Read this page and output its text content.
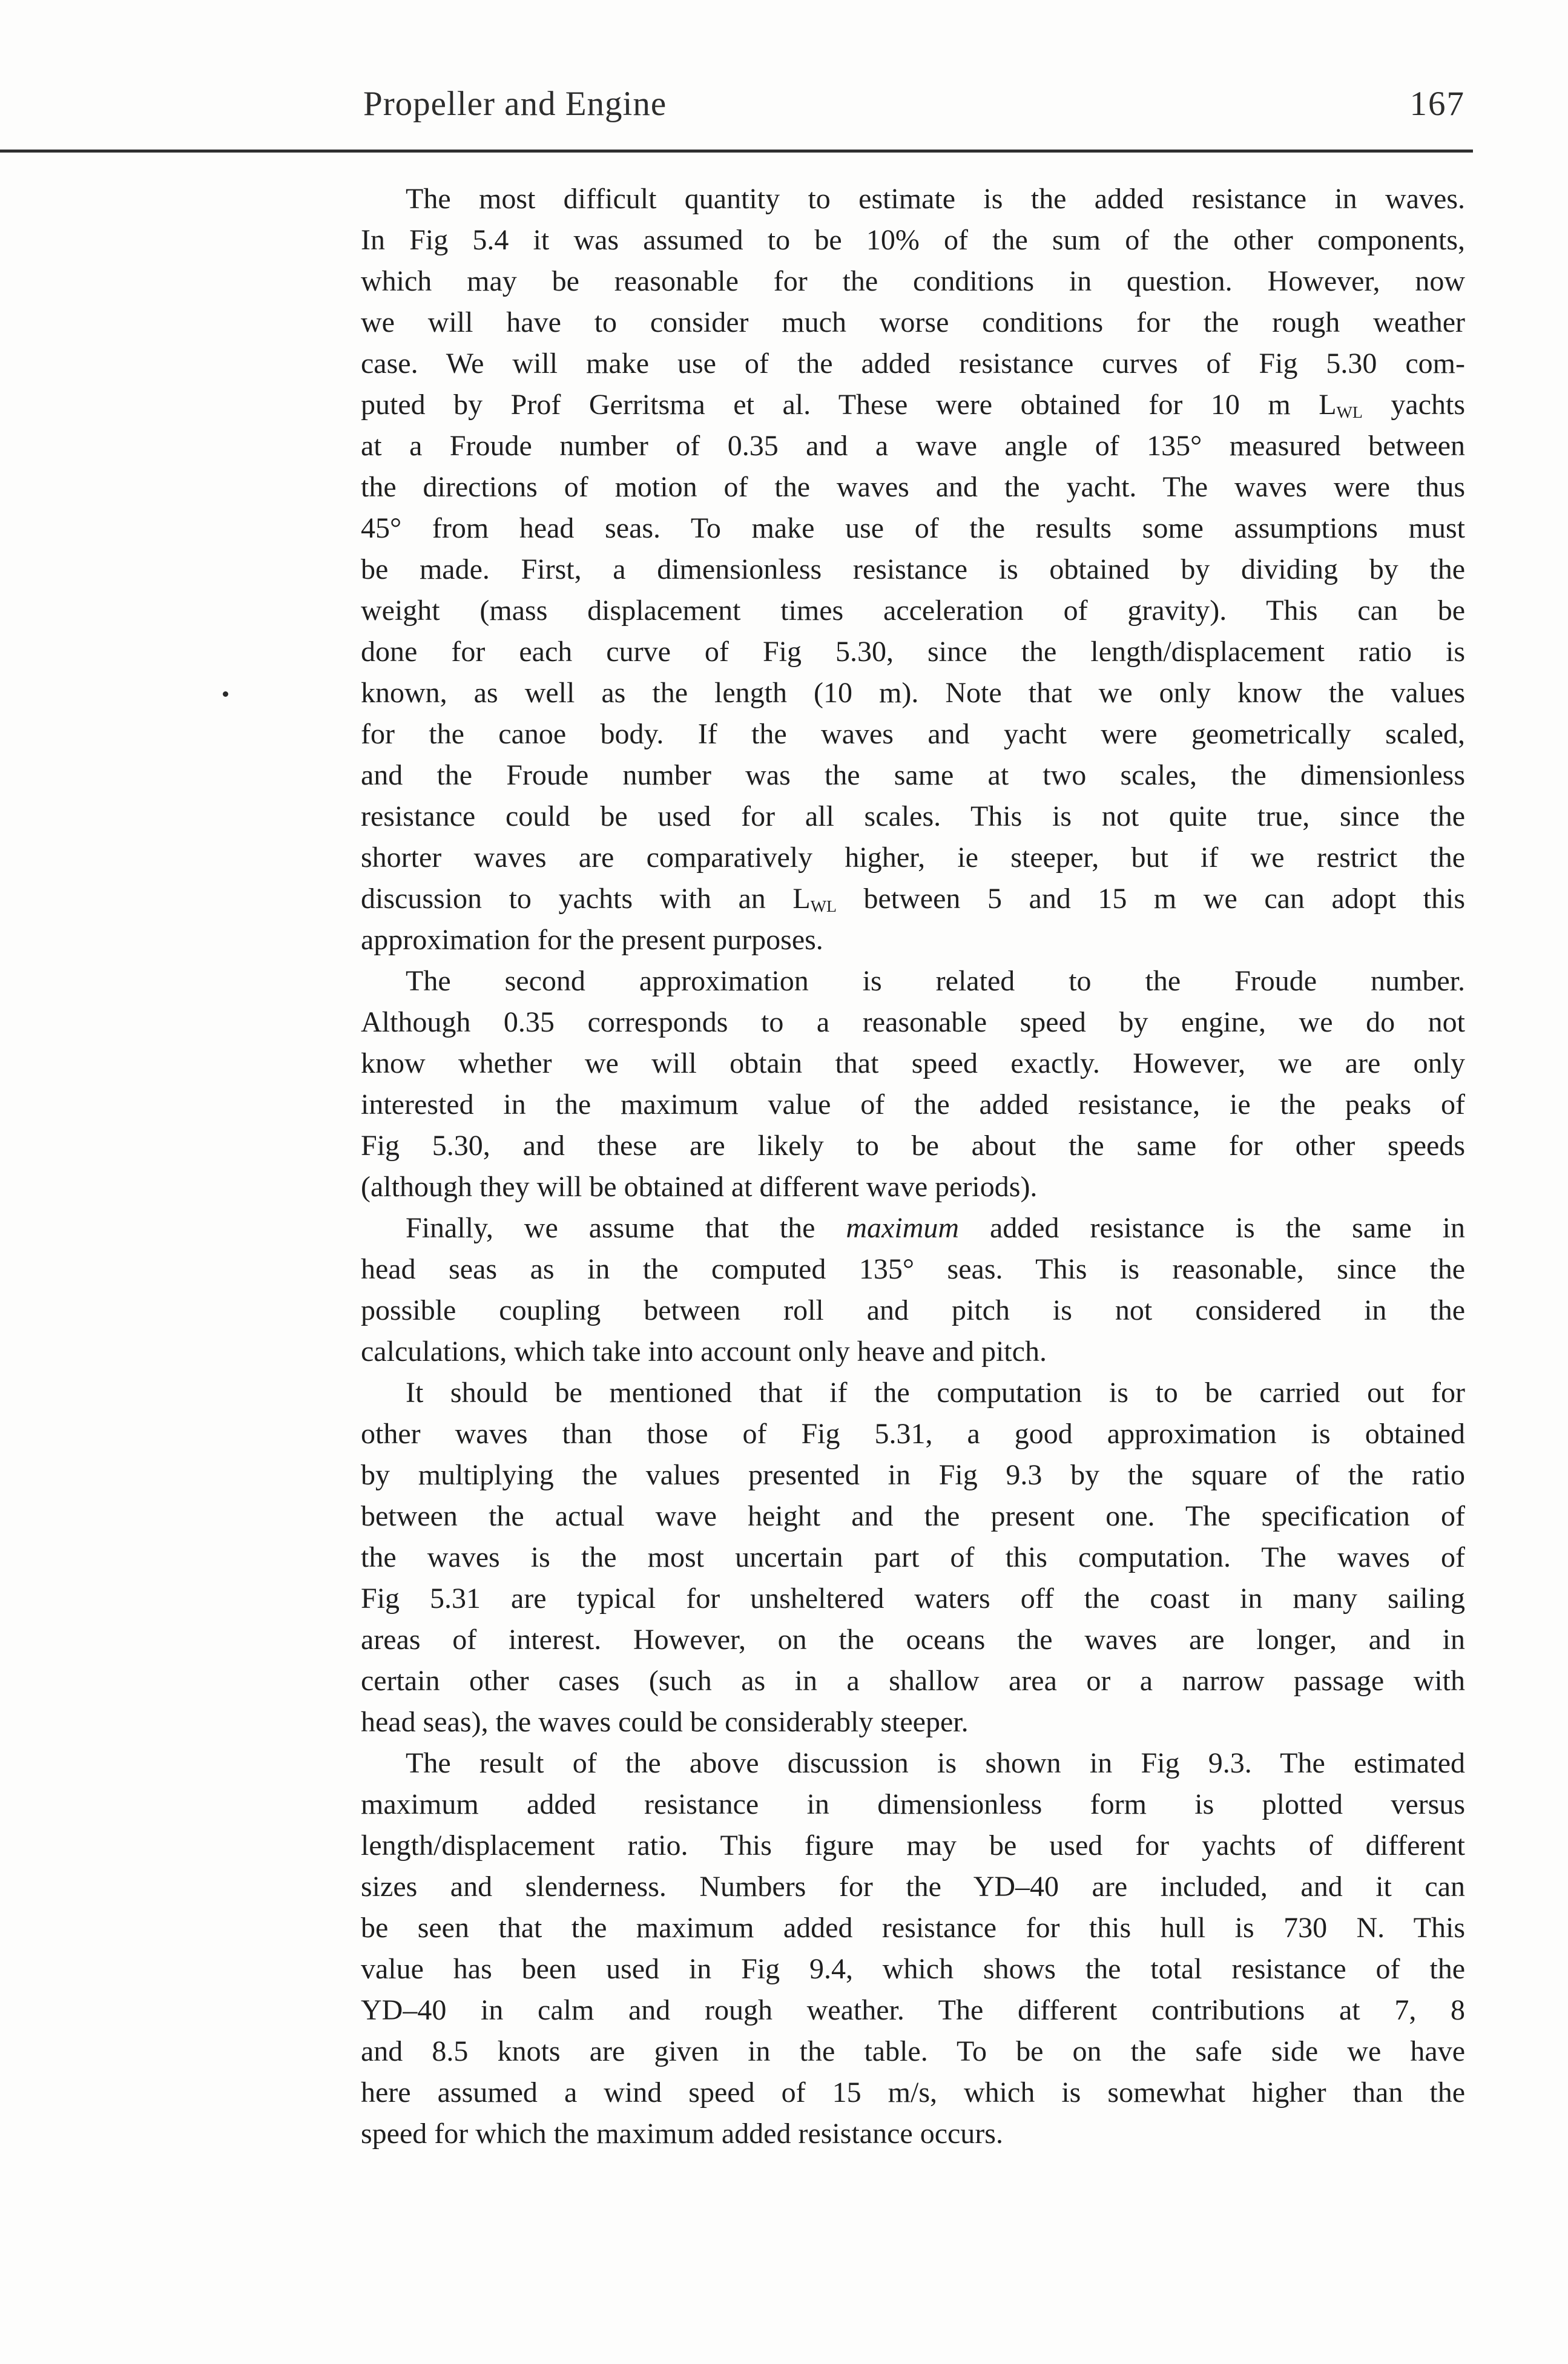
Propeller and Engine	167
The most difficult quantity to estimate is the added resistance in waves.
In Fig 5.4 it was assumed to be 10% of the sum of the other components,
which may be reasonable for the conditions in question. However, now
we will have to consider much worse conditions for the rough weather
case. We will make use of the added resistance curves of Fig 5.30 com-
puted by Prof Gerritsma et al. These were obtained for 10 m $L_{WL}$ yachts
at a Froude number of 0.35 and a wave angle of 135° measured between
the directions of motion of the waves and the yacht. The waves were thus
45° from head seas. To make use of the results some assumptions must
be made. First, a dimensionless resistance is obtained by dividing by the
weight (mass displacement times acceleration of gravity). This can be
done for each curve of Fig 5.30, since the length/displacement ratio is
known, as well as the length (10 m). Note that we only know the values
for the canoe body. If the waves and yacht were geometrically scaled,
and the Froude number was the same at two scales, the dimensionless
resistance could be used for all scales. This is not quite true, since the
shorter waves are comparatively higher, ie steeper, but if we restrict the
discussion to yachts with an $L_{WL}$ between 5 and 15 m we can adopt this
approximation for the present purposes.
The second approximation is related to the Froude number.
Although 0.35 corresponds to a reasonable speed by engine, we do not
know whether we will obtain that speed exactly. However, we are only
interested in the maximum value of the added resistance, ie the peaks of
Fig 5.30, and these are likely to be about the same for other speeds
(although they will be obtained at different wave periods).
Finally, we assume that the maximum added resistance is the same in
head seas as in the computed 135° seas. This is reasonable, since the
possible coupling between roll and pitch is not considered in the
calculations, which take into account only heave and pitch.
It should be mentioned that if the computation is to be carried out for
other waves than those of Fig 5.31, a good approximation is obtained
by multiplying the values presented in Fig 9.3 by the square of the ratio
between the actual wave height and the present one. The specification of
the waves is the most uncertain part of this computation. The waves of
Fig 5.31 are typical for unsheltered waters off the coast in many sailing
areas of interest. However, on the oceans the waves are longer, and in
certain other cases (such as in a shallow area or a narrow passage with
head seas), the waves could be considerably steeper.
The result of the above discussion is shown in Fig 9.3. The estimated
maximum added resistance in dimensionless form is plotted versus
length/displacement ratio. This figure may be used for yachts of different
sizes and slenderness. Numbers for the YD–40 are included, and it can
be seen that the maximum added resistance for this hull is 730 N. This
value has been used in Fig 9.4, which shows the total resistance of the
YD–40 in calm and rough weather. The different contributions at 7, 8
and 8.5 knots are given in the table. To be on the safe side we have
here assumed a wind speed of 15 m/s, which is somewhat higher than the
speed for which the maximum added resistance occurs.
